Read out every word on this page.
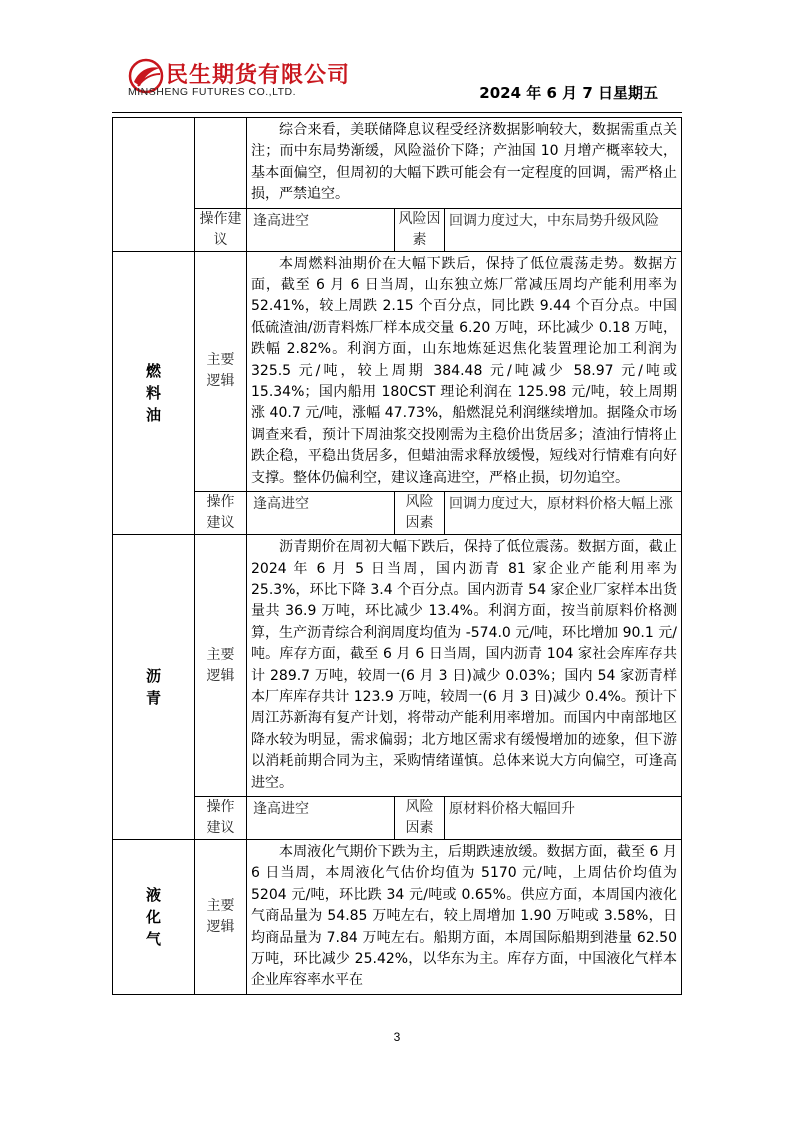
民生期货有限公司
MINSHENG FUTURES CO.,LTD.	2024 年 6 月 7 日星期五

		综合来看，美联储降息议程受经济数据影响较大，数据需重点关注；而中东局势渐缓，风险溢价下降；产油国 10 月增产概率较大，基本面偏空，但周初的大幅下跌可能会有一定程度的回调，需严格止损，严禁追空。		

	操作建议	逢高进空	风险因素	回调力度过大，中东局势升级风险
燃料油	主要逻辑	本周燃料油期价在大幅下跌后，保持了低位震荡走势。数据方面，截至 6 月 6 日当周，山东独立炼厂常减压周均产能利用率为 52.41%，较上周跌 2.15 个百分点，同比跌 9.44 个百分点。中国低硫渣油/沥青料炼厂样本成交量 6.20 万吨，环比减少 0.18 万吨，跌幅 2.82%。利润方面，山东地炼延迟焦化装置理论加工利润为 325.5 元/吨，较上周期 384.48 元/吨减少 58.97 元/吨或 15.34%；国内船用 180CST 理论利润在 125.98 元/吨，较上周期涨 40.7 元/吨，涨幅 47.73%，船燃混兑利润继续增加。据隆众市场调查来看，预计下周油浆交投刚需为主稳价出货居多；渣油行情将止跌企稳，平稳出货居多，但蜡油需求释放缓慢，短线对行情难有向好支撑。整体仍偏利空，建议逢高进空，严格止损，切勿追空。		

	操作建议	逢高进空	风险因素	回调力度过大，原材料价格大幅上涨
沥青	主要逻辑	沥青期价在周初大幅下跌后，保持了低位震荡。数据方面，截止 2024 年 6 月 5 日当周，国内沥青 81 家企业产能利用率为 25.3%，环比下降 3.4 个百分点。国内沥青 54 家企业厂家样本出货量共 36.9 万吨，环比减少 13.4%。利润方面，按当前原料价格测算，生产沥青综合利润周度均值为 -574.0 元/吨，环比增加 90.1 元/吨。库存方面，截至 6 月 6 日当周，国内沥青 104 家社会库库存共计 289.7 万吨，较周一(6 月 3 日)减少 0.03%；国内 54 家沥青样本厂库库存共计 123.9 万吨，较周一(6 月 3 日)减少 0.4%。预计下周江苏新海有复产计划，将带动产能利用率增加。而国内中南部地区降水较为明显，需求偏弱；北方地区需求有缓慢增加的迹象，但下游以消耗前期合同为主，采购情绪谨慎。总体来说大方向偏空，可逢高进空。		

	操作建议	逢高进空	风险因素	原材料价格大幅回升
液化气	主要逻辑	本周液化气期价下跌为主，后期跌速放缓。数据方面，截至 6 月 6 日当周，本周液化气估价均值为 5170 元/吨，上周估价均值为 5204 元/吨，环比跌 34 元/吨或 0.65%。供应方面，本周国内液化气商品量为 54.85 万吨左右，较上周增加 1.90 万吨或 3.58%，日均商品量为 7.84 万吨左右。船期方面，本周国际船期到港量 62.50 万吨，环比减少 25.42%，以华东为主。库存方面，中国液化气样本企业库容率水平在		

3
